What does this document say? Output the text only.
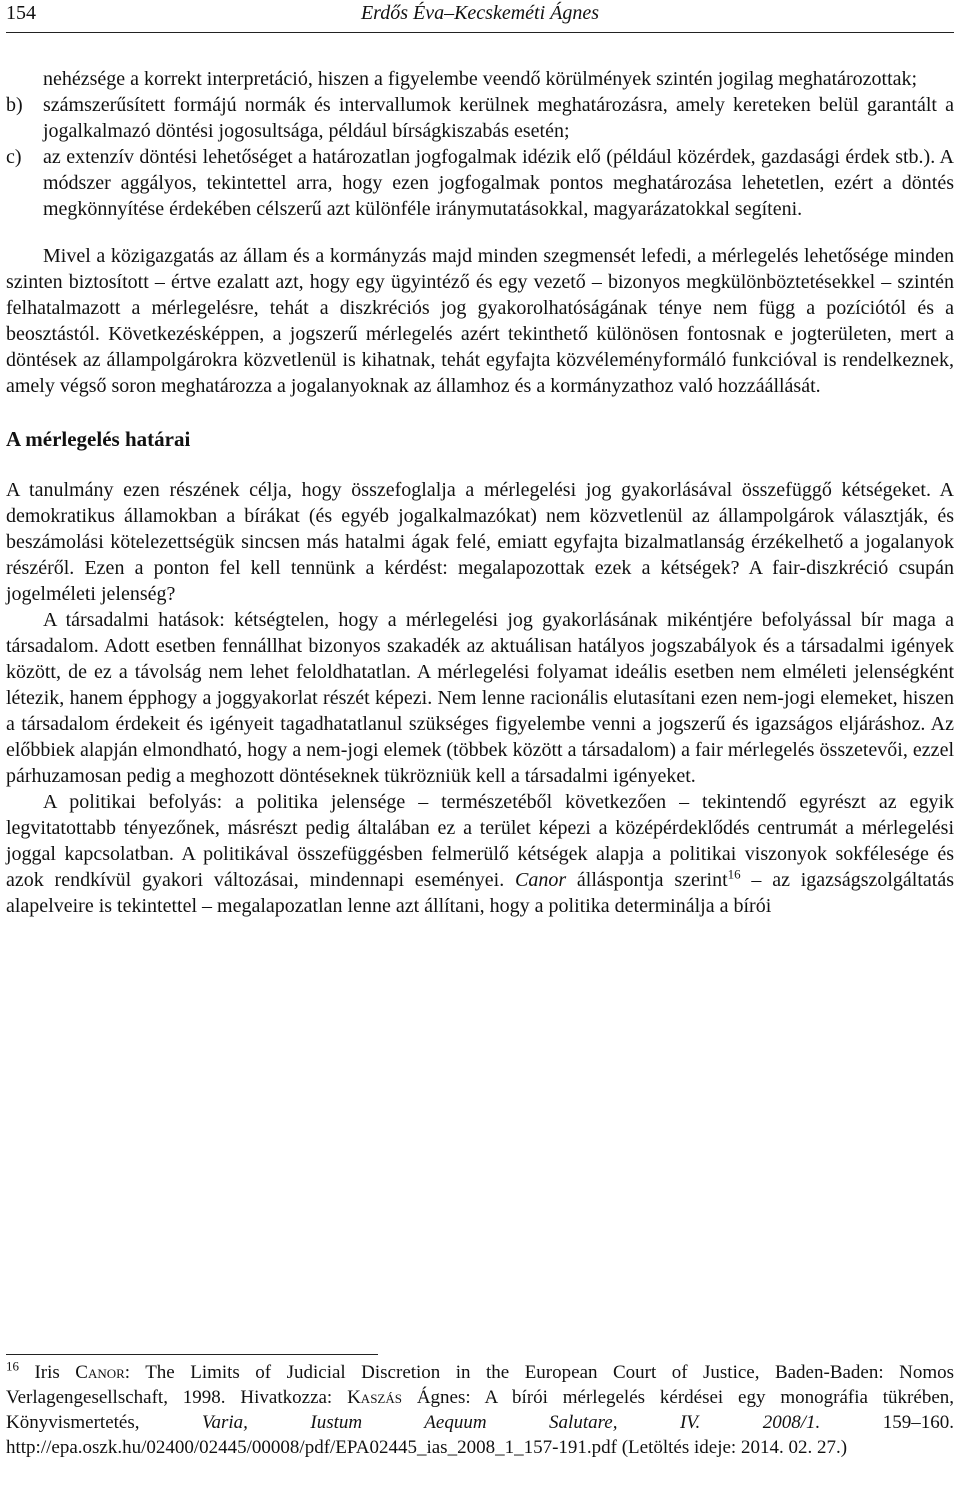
154	Erdős Éva–Kecskeméti Ágnes
nehézsége a korrekt interpretáció, hiszen a figyelembe veendő körülmények szintén jogilag meghatározottak;
b)	számszerűsített formájú normák és intervallumok kerülnek meghatározásra, amely kereteken belül garantált a jogalkalmazó döntési jogosultsága, például bírságkiszabás esetén;
c)	az extenzív döntési lehetőséget a határozatlan jogfogalmak idézik elő (például közérdek, gazdasági érdek stb.). A módszer aggályos, tekintettel arra, hogy ezen jogfogalmak pontos meghatározása lehetetlen, ezért a döntés megkönnyítése érdekében célszerű azt különféle iránymutatásokkal, magyarázatokkal segíteni.

Mivel a közigazgatás az állam és a kormányzás majd minden szegmensét lefedi, a mérlegelés lehetősége minden szinten biztosított – értve ezalatt azt, hogy egy ügyintéző és egy vezető – bizonyos megkülönböztetésekkel – szintén felhatalmazott a mérlegelésre, tehát a diszkréciós jog gyakorolhatóságának ténye nem függ a pozíciótól és a beosztástól. Következésképpen, a jogszerű mérlegelés azért tekinthető különösen fontosnak e jogterületen, mert a döntések az állampolgárokra közvetlenül is kihatnak, tehát egyfajta közvéleményformáló funkcióval is rendelkeznek, amely végső soron meghatározza a jogalanyoknak az államhoz és a kormányzathoz való hozzáállását.

A mérlegelés határai

A tanulmány ezen részének célja, hogy összefoglalja a mérlegelési jog gyakorlásával összefüggő kétségeket. A demokratikus államokban a bírákat (és egyéb jogalkalmazókat) nem közvetlenül az állampolgárok választják, és beszámolási kötelezettségük sincsen más hatalmi ágak felé, emiatt egyfajta bizalmatlanság érzékelhető a jogalanyok részéről. Ezen a ponton fel kell tennünk a kérdést: megalapozottak ezek a kétségek? A fair-diszkréció csupán jogelméleti jelenség?

A társadalmi hatások: kétségtelen, hogy a mérlegelési jog gyakorlásának mikéntjére befolyással bír maga a társadalom. Adott esetben fennállhat bizonyos szakadék az aktuálisan hatályos jogszabályok és a társadalmi igények között, de ez a távolság nem lehet feloldhatatlan. A mérlegelési folyamat ideális esetben nem elméleti jelenségként létezik, hanem épphogy a joggyakorlat részét képezi. Nem lenne racionális elutasítani ezen nem-jogi elemeket, hiszen a társadalom érdekeit és igényeit tagadhatatlanul szükséges figyelembe venni a jogszerű és igazságos eljáráshoz. Az előbbiek alapján elmondható, hogy a nem-jogi elemek (többek között a társadalom) a fair mérlegelés összetevői, ezzel párhuzamosan pedig a meghozott döntéseknek tükrözniük kell a társadalmi igényeket.

A politikai befolyás: a politika jelensége – természetéből következően – tekintendő egyrészt az egyik legvitatottabb tényezőnek, másrészt pedig általában ez a terület képezi a középérdeklődés centrumát a mérlegelési joggal kapcsolatban. A politikával összefüggésben felmerülő kétségek alapja a politikai viszonyok sokfélesége és azok rendkívül gyakori változásai, mindennapi eseményei. Canor álláspontja szerint$^{16}$ – az igazságszolgáltatás alapelveire is tekintettel – megalapozatlan lenne azt állítani, hogy a politika determinálja a bírói

$^{16}$ Iris Canor: The Limits of Judicial Discretion in the European Court of Justice, Baden-Baden: Nomos Verlagengesellschaft, 1998. Hivatkozza: Kaszás Ágnes: A bírói mérlegelés kérdései egy monográfia tükrében, Könyvismertetés, Varia, Iustum Aequum Salutare, IV. 2008/1. 159–160. http://epa.oszk.hu/02400/02445/00008/pdf/EPA02445_ias_2008_1_157-191.pdf (Letöltés ideje: 2014. 02. 27.)
